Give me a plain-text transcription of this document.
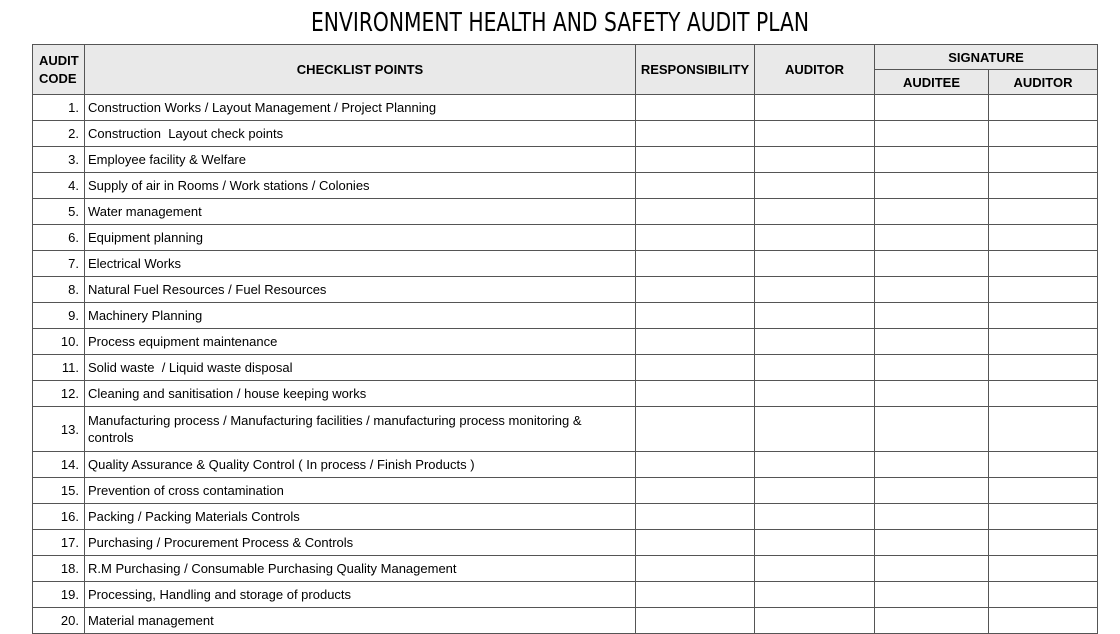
ENVIRONMENT HEALTH AND SAFETY AUDIT PLAN
AUDIT
CODE	CHECKLIST POINTS	RESPONSIBILITY	AUDITOR	SIGNATURE	
				AUDITEE	AUDITOR
1.	Construction Works / Layout Management / Project Planning				
2.	Construction  Layout check points				
3.	Employee facility & Welfare				
4.	Supply of air in Rooms / Work stations / Colonies				
5.	Water management				
6.	Equipment planning				
7.	Electrical Works				
8.	Natural Fuel Resources / Fuel Resources				
9.	Machinery Planning				
10.	Process equipment maintenance				
11.	Solid waste  / Liquid waste disposal				
12.	Cleaning and sanitisation / house keeping works				
13.	Manufacturing process / Manufacturing facilities / manufacturing process monitoring & controls				
14.	Quality Assurance & Quality Control ( In process / Finish Products )				
15.	Prevention of cross contamination				
16.	Packing / Packing Materials Controls				
17.	Purchasing / Procurement Process & Controls				
18.	R.M Purchasing / Consumable Purchasing Quality Management				
19.	Processing, Handling and storage of products				
20.	Material management				
